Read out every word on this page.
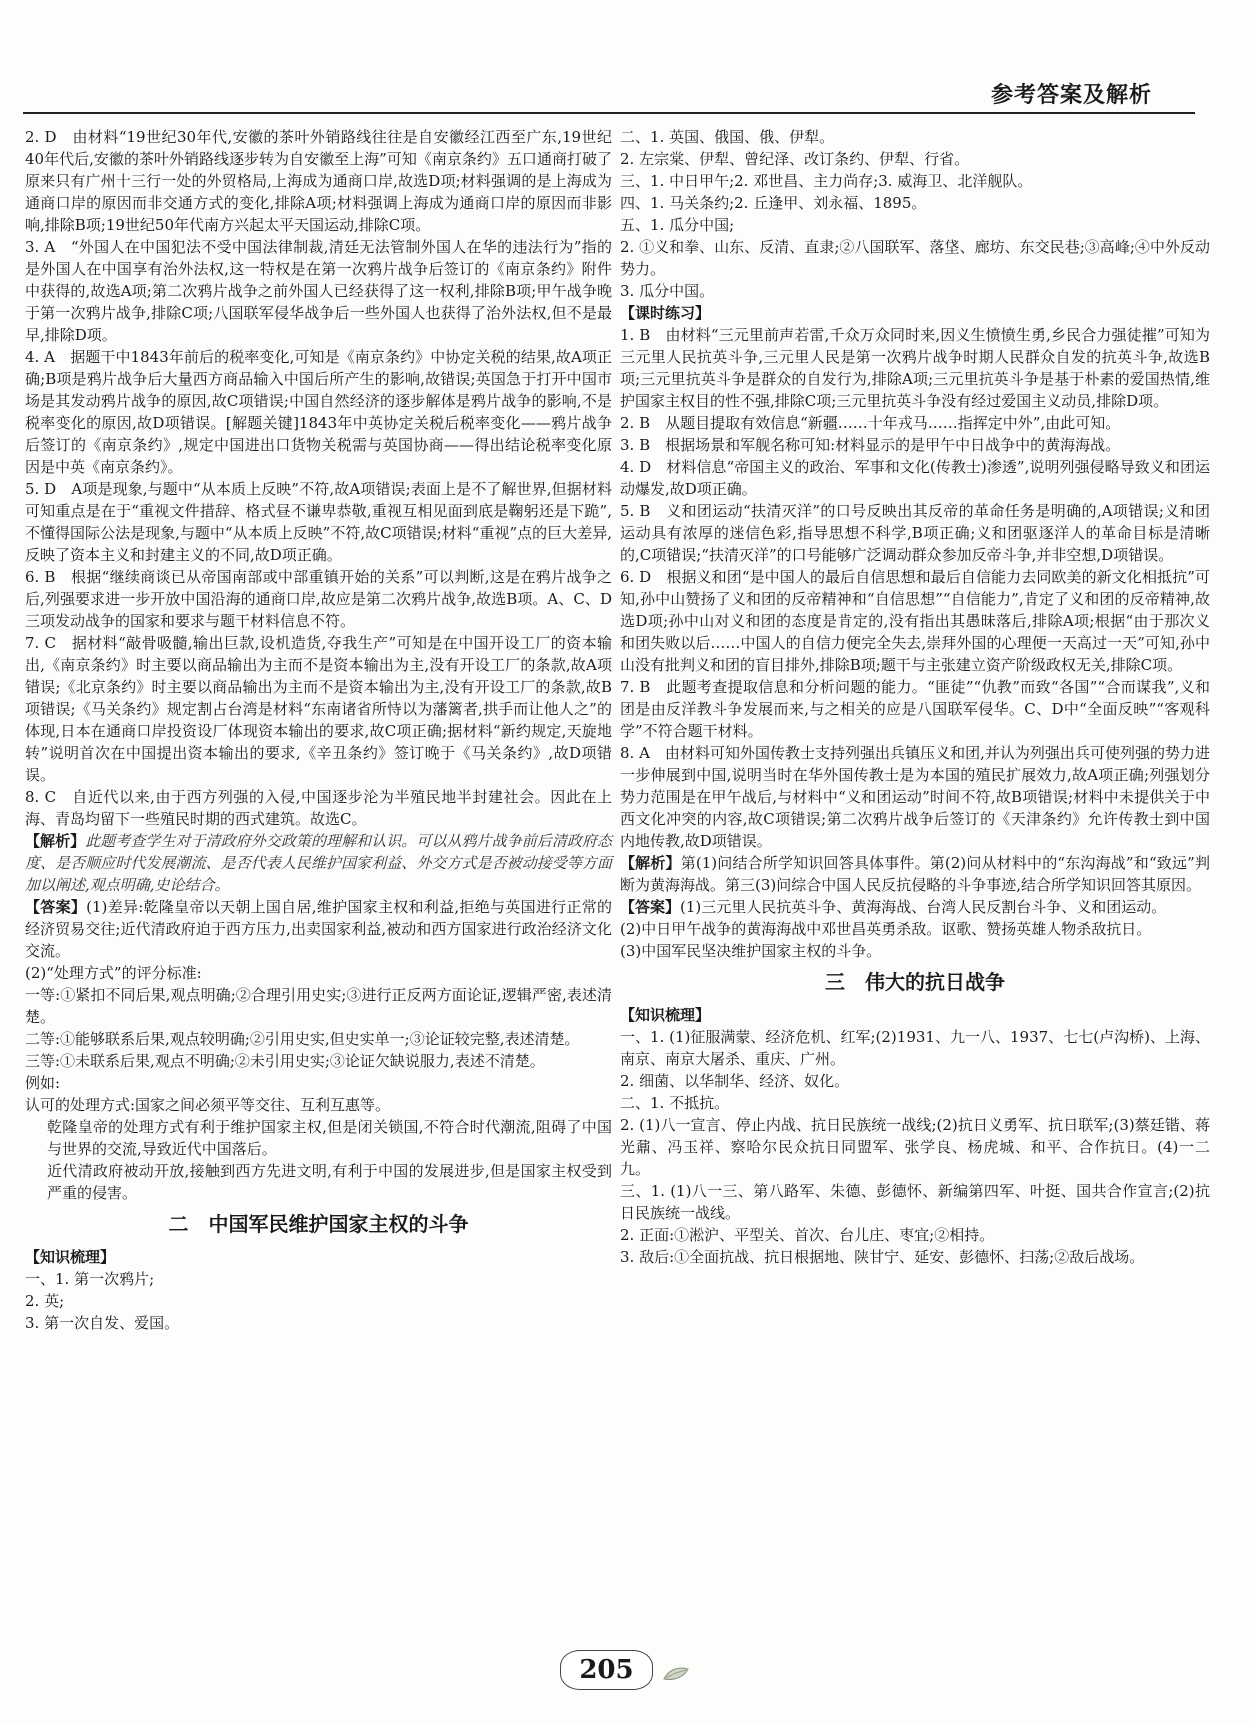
参考答案及解析

2. D　由材料“19世纪30年代,安徽的茶叶外销路线往往是自安徽经江西至广东,19世纪40年代后,安徽的茶叶外销路线逐步转为自安徽至上海”可知《南京条约》五口通商打破了原来只有广州十三行一处的外贸格局,上海成为通商口岸,故选D项;材料强调的是上海成为通商口岸的原因而非交通方式的变化,排除A项;材料强调上海成为通商口岸的原因而非影响,排除B项;19世纪50年代南方兴起太平天国运动,排除C项。

3. A　“外国人在中国犯法不受中国法律制裁,清廷无法管制外国人在华的违法行为”指的是外国人在中国享有治外法权,这一特权是在第一次鸦片战争后签订的《南京条约》附件中获得的,故选A项;第二次鸦片战争之前外国人已经获得了这一权利,排除B项;甲午战争晚于第一次鸦片战争,排除C项;八国联军侵华战争后一些外国人也获得了治外法权,但不是最早,排除D项。

4. A　据题干中1843年前后的税率变化,可知是《南京条约》中协定关税的结果,故A项正确;B项是鸦片战争后大量西方商品输入中国后所产生的影响,故错误;英国急于打开中国市场是其发动鸦片战争的原因,故C项错误;中国自然经济的逐步解体是鸦片战争的影响,不是税率变化的原因,故D项错误。[解题关键]1843年中英协定关税后税率变化——鸦片战争后签订的《南京条约》,规定中国进出口货物关税需与英国协商——得出结论税率变化原因是中英《南京条约》。

5. D　A项是现象,与题中“从本质上反映”不符,故A项错误;表面上是不了解世界,但据材料可知重点是在于“重视文件措辞、格式昼不谦卑恭敬,重视互相见面到底是鞠躬还是下跪”,不懂得国际公法是现象,与题中“从本质上反映”不符,故C项错误;材料“重视”点的巨大差异,反映了资本主义和封建主义的不同,故D项正确。

6. B　根据“继续商谈已从帝国南部或中部重镇开始的关系”可以判断,这是在鸦片战争之后,列强要求进一步开放中国沿海的通商口岸,故应是第二次鸦片战争,故选B项。A、C、D三项发动战争的国家和要求与题干材料信息不符。

7. C　据材料“敲骨吸髓,输出巨款,设机造货,夺我生产”可知是在中国开设工厂的资本输出,《南京条约》时主要以商品输出为主而不是资本输出为主,没有开设工厂的条款,故A项错误;《北京条约》时主要以商品输出为主而不是资本输出为主,没有开设工厂的条款,故B项错误;《马关条约》规定割占台湾是材料“东南诸省所恃以为藩篱者,拱手而让他人之”的体现,日本在通商口岸投资设厂体现资本输出的要求,故C项正确;据材料“新约规定,天旋地转”说明首次在中国提出资本输出的要求,《辛丑条约》签订晚于《马关条约》,故D项错误。

8. C　自近代以来,由于西方列强的入侵,中国逐步沦为半殖民地半封建社会。因此在上海、青岛均留下一些殖民时期的西式建筑。故选C。

【解析】此题考查学生对于清政府外交政策的理解和认识。可以从鸦片战争前后清政府态度、是否顺应时代发展潮流、是否代表人民维护国家利益、外交方式是否被动接受等方面加以阐述,观点明确,史论结合。

【答案】(1)差异:乾隆皇帝以天朝上国自居,维护国家主权和利益,拒绝与英国进行正常的经济贸易交往;近代清政府迫于西方压力,出卖国家利益,被动和西方国家进行政治经济文化交流。

(2)“处理方式”的评分标准:

一等:①紧扣不同后果,观点明确;②合理引用史实;③进行正反两方面论证,逻辑严密,表述清楚。

二等:①能够联系后果,观点较明确;②引用史实,但史实单一;③论证较完整,表述清楚。

三等:①未联系后果,观点不明确;②未引用史实;③论证欠缺说服力,表述不清楚。

例如:

认可的处理方式:国家之间必须平等交往、互利互惠等。

乾隆皇帝的处理方式有利于维护国家主权,但是闭关锁国,不符合时代潮流,阻碍了中国与世界的交流,导致近代中国落后。

近代清政府被动开放,接触到西方先进文明,有利于中国的发展进步,但是国家主权受到严重的侵害。

二　中国军民维护国家主权的斗争

【知识梳理】

一、1. 第一次鸦片;

2. 英;

3. 第一次自发、爱国。

二、1. 英国、俄国、俄、伊犁。

2. 左宗棠、伊犁、曾纪泽、改订条约、伊犁、行省。

三、1. 中日甲午;2. 邓世昌、主力尚存;3. 威海卫、北洋舰队。

四、1. 马关条约;2. 丘逢甲、刘永福、1895。

五、1. 瓜分中国;

2. ①义和拳、山东、反清、直隶;②八国联军、落垡、廊坊、东交民巷;③高峰;④中外反动势力。

3. 瓜分中国。

【课时练习】

1. B　由材料“三元里前声若雷,千众万众同时来,因义生愤愤生勇,乡民合力强徒摧”可知为三元里人民抗英斗争,三元里人民是第一次鸦片战争时期人民群众自发的抗英斗争,故选B项;三元里抗英斗争是群众的自发行为,排除A项;三元里抗英斗争是基于朴素的爱国热情,维护国家主权目的性不强,排除C项;三元里抗英斗争没有经过爱国主义动员,排除D项。

2. B　从题目提取有效信息“新疆……十年戎马……指挥定中外”,由此可知。

3. B　根据场景和军舰名称可知:材料显示的是甲午中日战争中的黄海海战。

4. D　材料信息“帝国主义的政治、军事和文化(传教士)渗透”,说明列强侵略导致义和团运动爆发,故D项正确。

5. B　义和团运动“扶清灭洋”的口号反映出其反帝的革命任务是明确的,A项错误;义和团运动具有浓厚的迷信色彩,指导思想不科学,B项正确;义和团驱逐洋人的革命目标是清晰的,C项错误;“扶清灭洋”的口号能够广泛调动群众参加反帝斗争,并非空想,D项错误。

6. D　根据义和团“是中国人的最后自信思想和最后自信能力去同欧美的新文化相抵抗”可知,孙中山赞扬了义和团的反帝精神和“自信思想”“自信能力”,肯定了义和团的反帝精神,故选D项;孙中山对义和团的态度是肯定的,没有指出其愚昧落后,排除A项;根据“由于那次义和团失败以后……中国人的自信力便完全失去,崇拜外国的心理便一天高过一天”可知,孙中山没有批判义和团的盲目排外,排除B项;题干与主张建立资产阶级政权无关,排除C项。

7. B　此题考查提取信息和分析问题的能力。“匪徒”“仇教”而致“各国”“合而谋我”,义和团是由反洋教斗争发展而来,与之相关的应是八国联军侵华。C、D中“全面反映”“客观科学”不符合题干材料。

8. A　由材料可知外国传教士支持列强出兵镇压义和团,并认为列强出兵可使列强的势力进一步伸展到中国,说明当时在华外国传教士是为本国的殖民扩展效力,故A项正确;列强划分势力范围是在甲午战后,与材料中“义和团运动”时间不符,故B项错误;材料中未提供关于中西文化冲突的内容,故C项错误;第二次鸦片战争后签订的《天津条约》允许传教士到中国内地传教,故D项错误。

【解析】第(1)问结合所学知识回答具体事件。第(2)问从材料中的“东沟海战”和“致远”判断为黄海海战。第三(3)问综合中国人民反抗侵略的斗争事迹,结合所学知识回答其原因。

【答案】(1)三元里人民抗英斗争、黄海海战、台湾人民反割台斗争、义和团运动。

(2)中日甲午战争的黄海海战中邓世昌英勇杀敌。讴歌、赞扬英雄人物杀敌抗日。

(3)中国军民坚决维护国家主权的斗争。

三　伟大的抗日战争

【知识梳理】

一、1. (1)征服满蒙、经济危机、红军;(2)1931、九一八、1937、七七(卢沟桥)、上海、南京、南京大屠杀、重庆、广州。

2. 细菌、以华制华、经济、奴化。

二、1. 不抵抗。

2. (1)八一宣言、停止内战、抗日民族统一战线;(2)抗日义勇军、抗日联军;(3)蔡廷锴、蒋光鼐、冯玉祥、察哈尔民众抗日同盟军、张学良、杨虎城、和平、合作抗日。(4)一二九。

三、1. (1)八一三、第八路军、朱德、彭德怀、新编第四军、叶挺、国共合作宣言;(2)抗日民族统一战线。

2. 正面:①淞沪、平型关、首次、台儿庄、枣宜;②相持。

3. 敌后:①全面抗战、抗日根据地、陕甘宁、延安、彭德怀、扫荡;②敌后战场。

205
